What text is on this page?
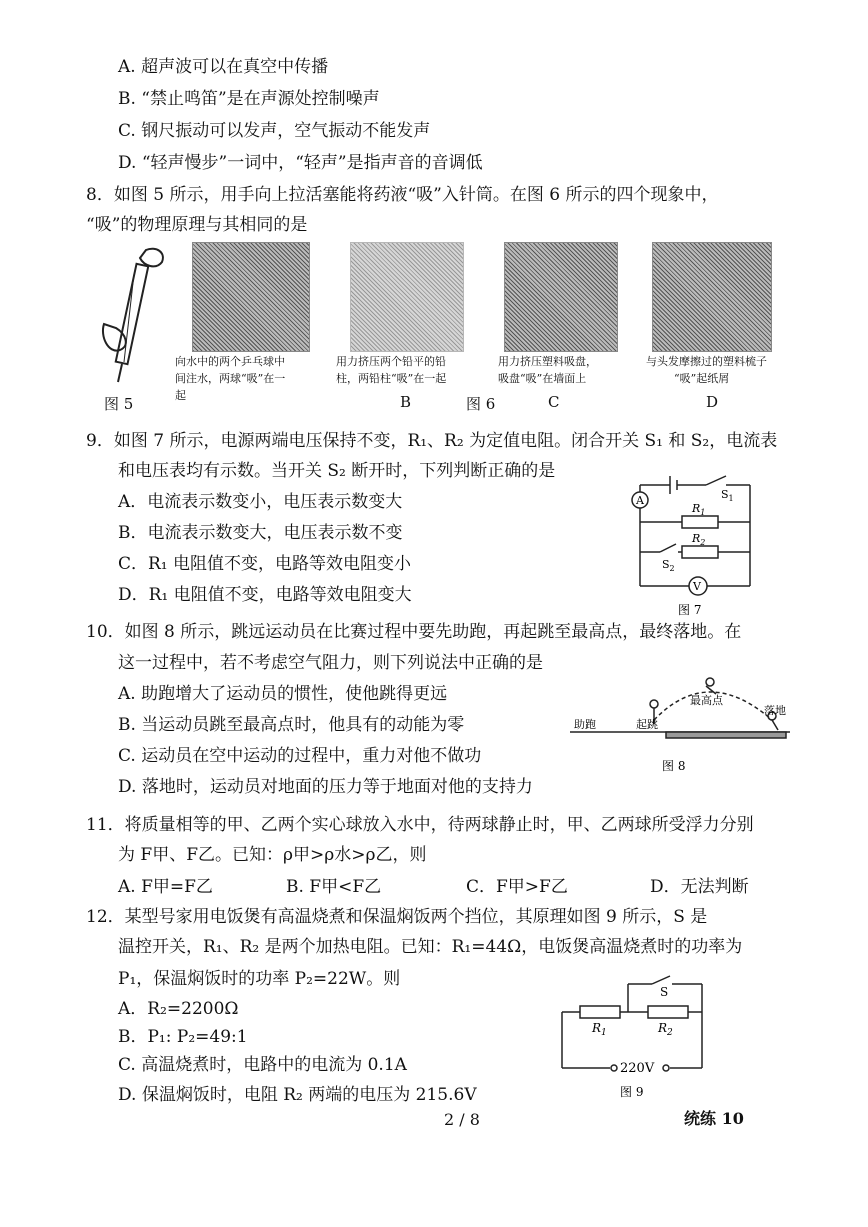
A. 超声波可以在真空中传播
B. “禁止鸣笛”是在声源处控制噪声
C. 钢尺振动可以发声，空气振动不能发声
D. “轻声慢步”一词中，“轻声”是指声音的音调低
8．如图 5 所示，用手向上拉活塞能将药液“吸”入针筒。在图 6 所示的四个现象中，
“吸”的物理原理与其相同的是
图 5
向水中的两个乒乓球中
间注水，两球“吸”在一
起
用力挤压两个铅平的铅
柱，两铅柱“吸”在一起
B	图 6
用力挤压塑料吸盘，
吸盘“吸”在墙面上
C
与头发摩擦过的塑料梳子
“吸”起纸屑
D
9．如图 7 所示，电源两端电压保持不变，R₁、R₂ 为定值电阻。闭合开关 S₁ 和 S₂，电流表
和电压表均有示数。当开关 S₂ 断开时，下列判断正确的是
A．电流表示数变小，电压表示数变大
B．电流表示数变大，电压表示数不变
C．R₁ 电阻值不变，电路等效电阻变小
D．R₁ 电阻值不变，电路等效电阻变大
A
V
$S_1$
$R_1$
$R_2$
$S_2$
图 7
10．如图 8 所示，跳远运动员在比赛过程中要先助跑，再起跳至最高点，最终落地。在
这一过程中，若不考虑空气阻力，则下列说法中正确的是
A. 助跑增大了运动员的惯性，使他跳得更远
B. 当运动员跳至最高点时，他具有的动能为零
C. 运动员在空中运动的过程中，重力对他不做功
D. 落地时，运动员对地面的压力等于地面对他的支持力
助跑	起跳
最高点
落地
图 8
11．将质量相等的甲、乙两个实心球放入水中，待两球静止时，甲、乙两球所受浮力分别
为 F甲、F乙。已知：ρ甲>ρ水>ρ乙，则
A. F甲=F乙	B. F甲<F乙	C．F甲>F乙	D．无法判断
12．某型号家用电饭煲有高温烧煮和保温焖饭两个挡位，其原理如图 9 所示，S 是
温控开关，R₁、R₂ 是两个加热电阻。已知：R₁=44Ω，电饭煲高温烧煮时的功率为
P₁，保温焖饭时的功率 P₂=22W。则
A．R₂=2200Ω
B．P₁: P₂=49:1
C. 高温烧煮时，电路中的电流为 0.1A
D. 保温焖饭时，电阻 R₂ 两端的电压为 215.6V
S
$R_1$	$R_2$
220V
图 9
2 / 8	统练 10
